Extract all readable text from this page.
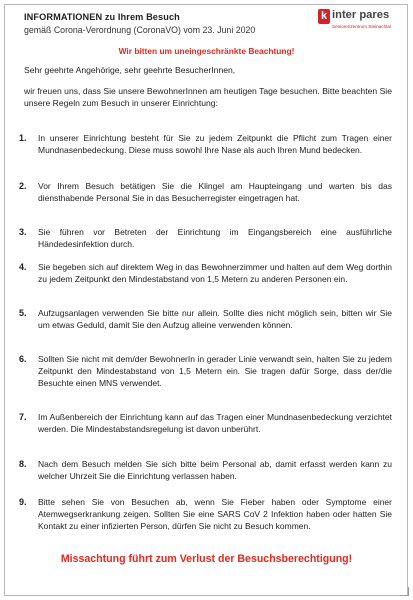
INFORMATIONEN zu Ihrem Besuch
gemäß Corona-Verordnung (CoronaVO) vom 23. Juni 2020
k inter pares
Seniorenzentrum Steinachtal
Wir bitten um uneingeschränkte Beachtung!
Sehr geehrte Angehörige, sehr geehrte BesucherInnen,
wir freuen uns, dass Sie unsere BewohnerInnen am heutigen Tage besuchen. Bitte beachten Sie unsere Regeln zum Besuch in unserer Einrichtung:
1. In unserer Einrichtung besteht für Sie zu jedem Zeitpunkt die Pflicht zum Tragen einer Mundnasenbedeckung. Diese muss sowohl Ihre Nase als auch Ihren Mund bedecken.
2. Vor Ihrem Besuch betätigen Sie die Klingel am Haupteingang und warten bis das diensthabende Personal Sie in das Besucherregister eingetragen hat.
3. Sie führen vor Betreten der Einrichtung im Eingangsbereich eine ausführliche Händedesinfektion durch.
4. Sie begeben sich auf direktem Weg in das Bewohnerzimmer und halten auf dem Weg dorthin zu jedem Zeitpunkt den Mindestabstand von 1,5 Metern zu anderen Personen ein.
5. Aufzugsanlagen verwenden Sie bitte nur allein. Sollte dies nicht möglich sein, bitten wir Sie um etwas Geduld, damit Sie den Aufzug alleine verwenden können.
6. Sollten Sie nicht mit dem/der BewohnerIn in gerader Linie verwandt sein, halten Sie zu jedem Zeitpunkt den Mindestabstand von 1,5 Metern ein. Sie tragen dafür Sorge, dass der/die Besuchte einen MNS verwendet.
7. Im Außenbereich der Einrichtung kann auf das Tragen einer Mundnasenbedeckung verzichtet werden. Die Mindestabstandsregelung ist davon unberührt.
8. Nach dem Besuch melden Sie sich bitte beim Personal ab, damit erfasst werden kann zu welcher Uhrzeit Sie die Einrichtung verlassen haben.
9. Bitte sehen Sie von Besuchen ab, wenn Sie Fieber haben oder Symptome einer Atemwegserkrankung zeigen. Sollten Sie eine SARS CoV 2 Infektion haben oder hatten Sie Kontakt zu einer infizierten Person, dürfen Sie nicht zu Besuch kommen.
Missachtung führt zum Verlust der Besuchsberechtigung!
